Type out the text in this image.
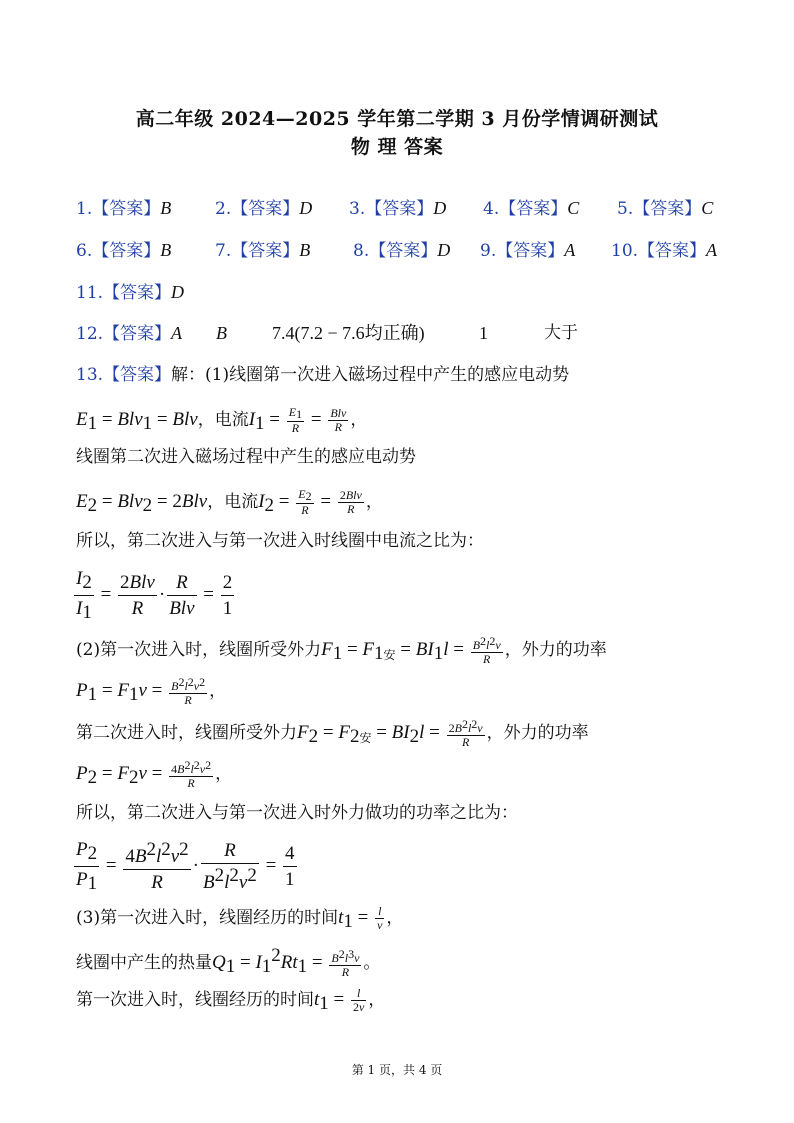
高二年级 2024—2025 学年第二学期 3 月份学情调研测试
物 理 答案
1.【答案】B	2.【答案】D 3.【答案】D 4.【答案】C 5.【答案】C
6.【答案】B	7.【答案】B	8.【答案】D 9.【答案】A 10.【答案】A
11.【答案】D
12.【答案】A B	7.4(7.2 − 7.6均正确)	1	大于
13.【答案】解：(1)线圈第一次进入磁场过程中产生的感应电动势
$E_1 = Blv_1$ = Blv，电流$I_1 = \frac{E_1}{R} = \frac{\text{Blv}}{R}$ ，
线圈第二次进入磁场过程中产生的感应电动势
$E_2 = Blv_2 = 2Blv$，电流$I_2 = \frac{E_2}{R} = \frac{\text{2Blv}}{R}$ ，
所以，第二次进入与第一次进入时线圈中电流之比为：
$\frac{I_2}{I_1} = \frac{\text{2Blv}}{R} \cdot \frac{R}{\text{Blv}} = \frac{2}{1}$
(2)第一次进入时，线圈所受外力$F_1 = F_{1安} = BI_1l = \frac{B^2l^2v}{R}$ ，外力的功率
$P_1 = F_1v = \frac{B^2l^2v^2}{R}$ ，
第二次进入时，线圈所受外力$F_2 = F_{2安} = BI_2l = \frac{2B^2l^2v}{R}$ ，外力的功率
$P_2 = F_2v = \frac{4B^2l^2v^2}{R}$ ，
所以，第二次进入与第一次进入时外力做功的功率之比为：
$\frac{P_2}{P_1} = \frac{4B^2l^2v^2}{R} \cdot \frac{R}{B^2l^2v^2} = \frac{4}{1}$
(3)第一次进入时，线圈经历的时间$t_1 = \frac{l}{v}$ ，
线圈中产生的热量$Q_1 = I_1^2Rt_1 = \frac{B^2l^3v}{R}$ 。
第一次进入时，线圈经历的时间$t_1 = \frac{l}{2v}$ ，
第 1 页，共 4 页
